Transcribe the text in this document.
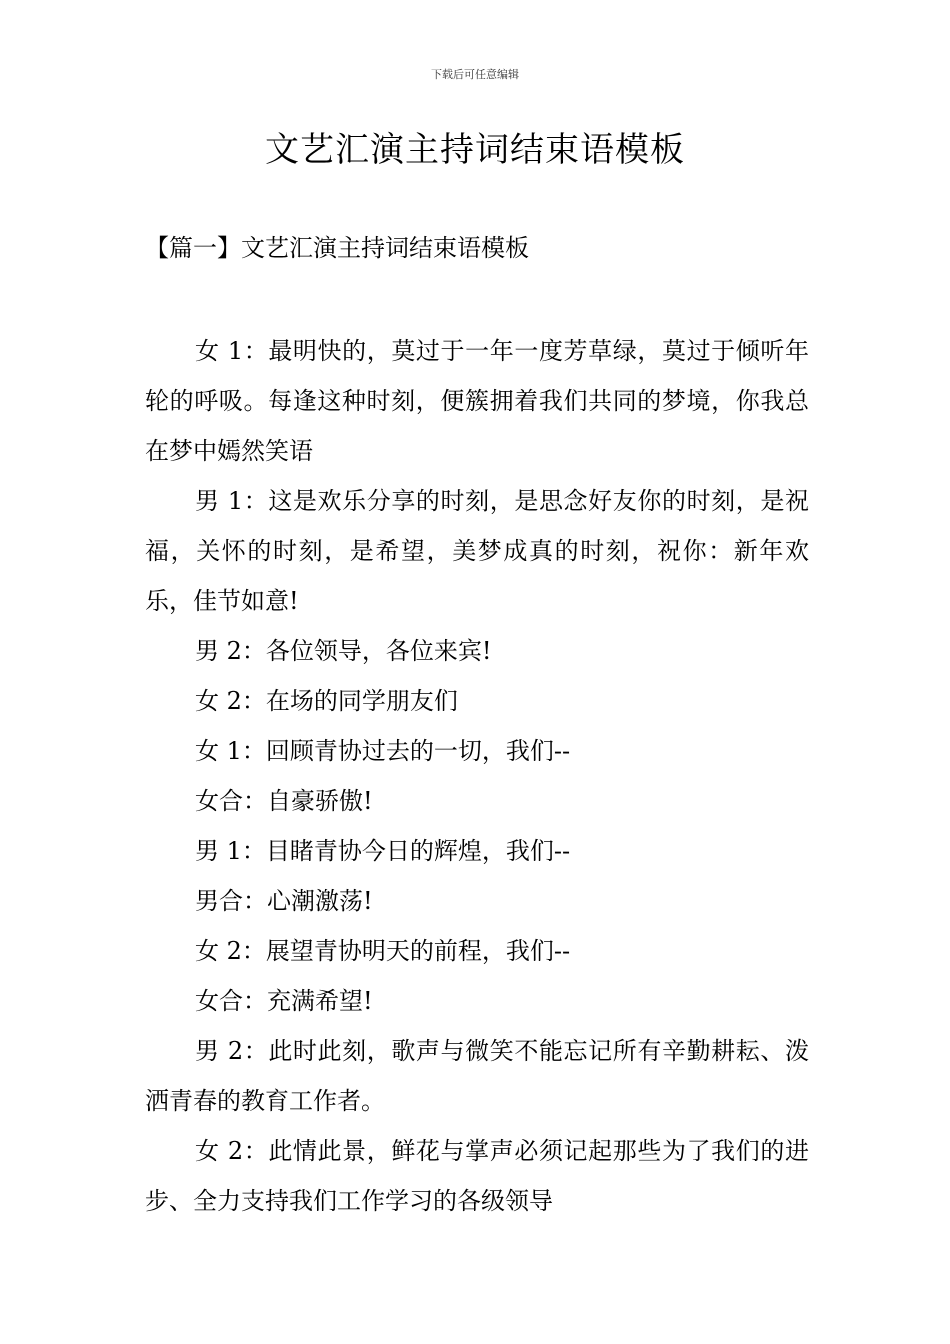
下载后可任意编辑
文艺汇演主持词结束语模板
【篇一】文艺汇演主持词结束语模板

女 1：最明快的，莫过于一年一度芳草绿，莫过于倾听年轮的呼吸。每逢这种时刻，便簇拥着我们共同的梦境，你我总在梦中嫣然笑语

男 1：这是欢乐分享的时刻，是思念好友你的时刻，是祝福，关怀的时刻，是希望，美梦成真的时刻，祝你：新年欢乐，佳节如意!

男 2：各位领导，各位来宾!

女 2：在场的同学朋友们

女 1：回顾青协过去的一切，我们--

女合：自豪骄傲!

男 1：目睹青协今日的辉煌，我们--

男合：心潮激荡!

女 2：展望青协明天的前程，我们--

女合：充满希望!

男 2：此时此刻，歌声与微笑不能忘记所有辛勤耕耘、泼洒青春的教育工作者。

女 2：此情此景，鲜花与掌声必须记起那些为了我们的进步、全力支持我们工作学习的各级领导
